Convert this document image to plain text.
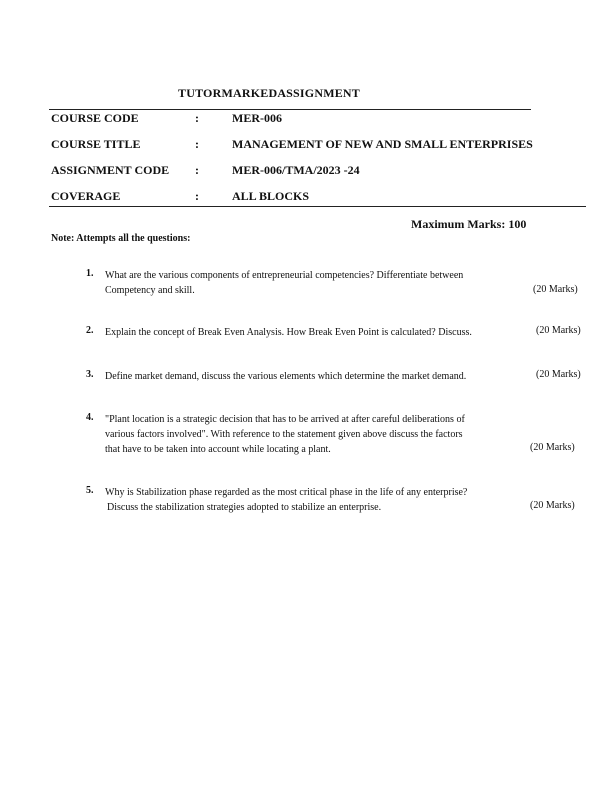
TUTORMARKEDASSIGNMENT
COURSE CODE	:	MER-006
COURSE TITLE	:	MANAGEMENT OF NEW AND SMALL ENTERPRISES
ASSIGNMENT CODE :	MER-006/TMA/2023 -24
COVERAGE	:	ALL BLOCKS
Maximum Marks: 100
Note: Attempts all the questions:
1. What are the various components of entrepreneurial competencies? Differentiate between
Competency and skill.	(20 Marks)
2. Explain the concept of Break Even Analysis. How Break Even Point is calculated? Discuss.	(20 Marks)
3. Define market demand, discuss the various elements which determine the market demand.	(20 Marks)
4. "Plant location is a strategic decision that has to be arrived at after careful deliberations of
various factors involved". With reference to the statement given above discuss the factors
that have to be taken into account while locating a plant.	(20 Marks)
5. Why is Stabilization phase regarded as the most critical phase in the life of any enterprise?
Discuss the stabilization strategies adopted to stabilize an enterprise.	(20 Marks)
